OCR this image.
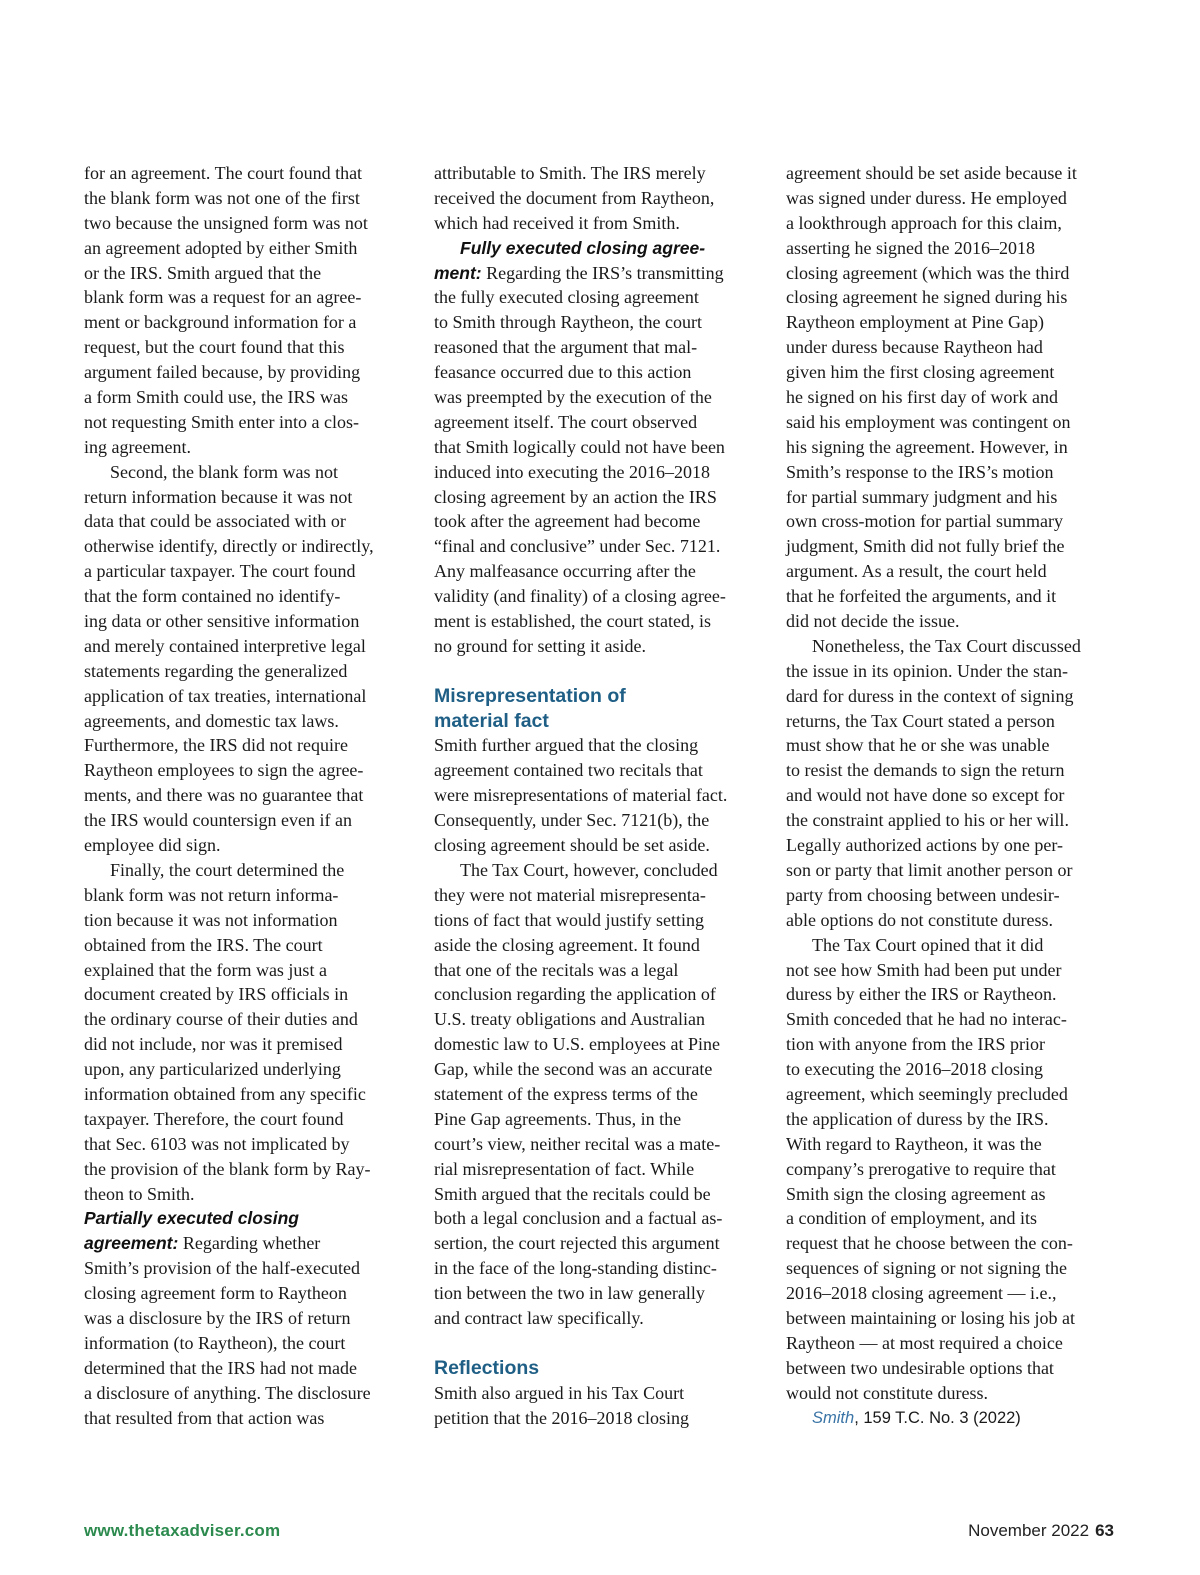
for an agreement. The court found that
the blank form was not one of the first
two because the unsigned form was not
an agreement adopted by either Smith
or the IRS. Smith argued that the
blank form was a request for an agree-
ment or background information for a
request, but the court found that this
argument failed because, by providing
a form Smith could use, the IRS was
not requesting Smith enter into a clos-
ing agreement.
Second, the blank form was not
return information because it was not
data that could be associated with or
otherwise identify, directly or indirectly,
a particular taxpayer. The court found
that the form contained no identify-
ing data or other sensitive information
and merely contained interpretive legal
statements regarding the generalized
application of tax treaties, international
agreements, and domestic tax laws.
Furthermore, the IRS did not require
Raytheon employees to sign the agree-
ments, and there was no guarantee that
the IRS would countersign even if an
employee did sign.
Finally, the court determined the
blank form was not return informa-
tion because it was not information
obtained from the IRS. The court
explained that the form was just a
document created by IRS officials in
the ordinary course of their duties and
did not include, nor was it premised
upon, any particularized underlying
information obtained from any specific
taxpayer. Therefore, the court found
that Sec. 6103 was not implicated by
the provision of the blank form by Ray-
theon to Smith.
Partially executed closing
agreement: Regarding whether
Smith’s provision of the half-executed
closing agreement form to Raytheon
was a disclosure by the IRS of return
information (to Raytheon), the court
determined that the IRS had not made
a disclosure of anything. The disclosure
that resulted from that action was
attributable to Smith. The IRS merely
received the document from Raytheon,
which had received it from Smith.
Fully executed closing agree-
ment: Regarding the IRS’s transmitting
the fully executed closing agreement
to Smith through Raytheon, the court
reasoned that the argument that mal-
feasance occurred due to this action
was preempted by the execution of the
agreement itself. The court observed
that Smith logically could not have been
induced into executing the 2016–2018
closing agreement by an action the IRS
took after the agreement had become
“final and conclusive” under Sec. 7121.
Any malfeasance occurring after the
validity (and finality) of a closing agree-
ment is established, the court stated, is
no ground for setting it aside.
Misrepresentation of
material fact
Smith further argued that the closing
agreement contained two recitals that
were misrepresentations of material fact.
Consequently, under Sec. 7121(b), the
closing agreement should be set aside.
The Tax Court, however, concluded
they were not material misrepresenta-
tions of fact that would justify setting
aside the closing agreement. It found
that one of the recitals was a legal
conclusion regarding the application of
U.S. treaty obligations and Australian
domestic law to U.S. employees at Pine
Gap, while the second was an accurate
statement of the express terms of the
Pine Gap agreements. Thus, in the
court’s view, neither recital was a mate-
rial misrepresentation of fact. While
Smith argued that the recitals could be
both a legal conclusion and a factual as-
sertion, the court rejected this argument
in the face of the long-standing distinc-
tion between the two in law generally
and contract law specifically.
Reflections
Smith also argued in his Tax Court
petition that the 2016–2018 closing
agreement should be set aside because it
was signed under duress. He employed
a lookthrough approach for this claim,
asserting he signed the 2016–2018
closing agreement (which was the third
closing agreement he signed during his
Raytheon employment at Pine Gap)
under duress because Raytheon had
given him the first closing agreement
he signed on his first day of work and
said his employment was contingent on
his signing the agreement. However, in
Smith’s response to the IRS’s motion
for partial summary judgment and his
own cross-motion for partial summary
judgment, Smith did not fully brief the
argument. As a result, the court held
that he forfeited the arguments, and it
did not decide the issue.
Nonetheless, the Tax Court discussed
the issue in its opinion. Under the stan-
dard for duress in the context of signing
returns, the Tax Court stated a person
must show that he or she was unable
to resist the demands to sign the return
and would not have done so except for
the constraint applied to his or her will.
Legally authorized actions by one per-
son or party that limit another person or
party from choosing between undesir-
able options do not constitute duress.
The Tax Court opined that it did
not see how Smith had been put under
duress by either the IRS or Raytheon.
Smith conceded that he had no interac-
tion with anyone from the IRS prior
to executing the 2016–2018 closing
agreement, which seemingly precluded
the application of duress by the IRS.
With regard to Raytheon, it was the
company’s prerogative to require that
Smith sign the closing agreement as
a condition of employment, and its
request that he choose between the con-
sequences of signing or not signing the
2016–2018 closing agreement — i.e.,
between maintaining or losing his job at
Raytheon — at most required a choice
between two undesirable options that
would not constitute duress.
Smith, 159 T.C. No. 3 (2022)
www.thetaxadviser.com	November 2022 63
